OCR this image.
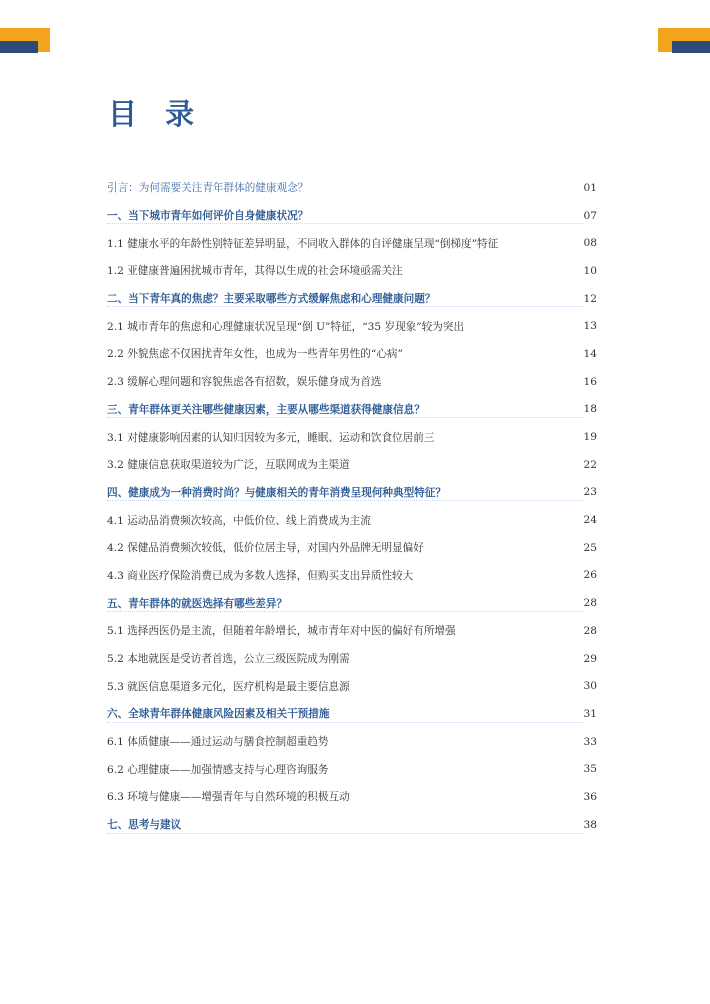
目 录
引言：为何需要关注青年群体的健康观念？	01
一、当下城市青年如何评价自身健康状况？	07
1.1 健康水平的年龄性别特征差异明显，不同收入群体的自评健康呈现“倒梯度”特征	08
1.2 亚健康普遍困扰城市青年，其得以生成的社会环境亟需关注	10
二、当下青年真的焦虑？主要采取哪些方式缓解焦虑和心理健康问题？	12
2.1 城市青年的焦虑和心理健康状况呈现“倒 U”特征，“35 岁现象”较为突出	13
2.2 外貌焦虑不仅困扰青年女性，也成为一些青年男性的“心病”	14
2.3 缓解心理问题和容貌焦虑各有招数，娱乐健身成为首选	16
三、青年群体更关注哪些健康因素，主要从哪些渠道获得健康信息？	18
3.1 对健康影响因素的认知归因较为多元，睡眠、运动和饮食位居前三	19
3.2 健康信息获取渠道较为广泛，互联网成为主渠道	22
四、健康成为一种消费时尚？与健康相关的青年消费呈现何种典型特征？	23
4.1 运动品消费频次较高，中低价位、线上消费成为主流	24
4.2 保健品消费频次较低，低价位居主导，对国内外品牌无明显偏好	25
4.3 商业医疗保险消费已成为多数人选择，但购买支出异质性较大	26
五、青年群体的就医选择有哪些差异？	28
5.1 选择西医仍是主流，但随着年龄增长，城市青年对中医的偏好有所增强	28
5.2 本地就医是受访者首选，公立三级医院成为刚需	29
5.3 就医信息渠道多元化，医疗机构是最主要信息源	30
六、全球青年群体健康风险因素及相关干预措施	31
6.1 体质健康——通过运动与膳食控制超重趋势	33
6.2 心理健康——加强情感支持与心理咨询服务	35
6.3 环境与健康——增强青年与自然环境的积极互动	36
七、思考与建议	38
